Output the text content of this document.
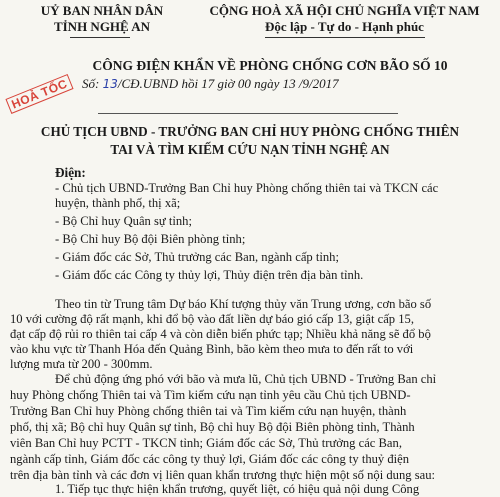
UỶ BAN NHÂN DÂN
TỈNH NGHỆ AN
CỘNG HOÀ XÃ HỘI CHỦ NGHĨA VIỆT NAM
Độc lập - Tự do - Hạnh phúc
HOẢ TỐC
CÔNG ĐIỆN KHẨN VỀ PHÒNG CHỐNG CƠN BÃO SỐ 10
Số: 13/CĐ.UBND hồi 17 giờ 00 ngày 13 /9/2017
CHỦ TỊCH UBND - TRƯỞNG BAN CHỈ HUY PHÒNG CHỐNG THIÊN
TAI VÀ TÌM KIẾM CỨU NẠN TỈNH NGHỆ AN
Điện:
- Chủ tịch UBND-Trưởng Ban Chỉ huy Phòng chống thiên tai và TKCN các
huyện, thành phố, thị xã;
- Bộ Chỉ huy Quân sự tỉnh;
- Bộ Chỉ huy Bộ đội Biên phòng tỉnh;
- Giám đốc các Sở, Thủ trưởng các Ban, ngành cấp tỉnh;
- Giám đốc các Công ty thủy lợi, Thủy điện trên địa bàn tỉnh.
Theo tin từ Trung tâm Dự báo Khí tượng thủy văn Trung ương, cơn bão số
10 với cường độ rất mạnh, khi đổ bộ vào đất liền dự báo gió cấp 13, giật cấp 15,
đạt cấp độ rủi ro thiên tai cấp 4 và còn diễn biến phức tạp; Nhiều khả năng sẽ đổ bộ
vào khu vực từ Thanh Hóa đến Quảng Bình, bão kèm theo mưa to đến rất to với
lượng mưa từ 200 - 300mm.
Để chủ động ứng phó với bão và mưa lũ, Chủ tịch UBND - Trưởng Ban chỉ
huy Phòng chống Thiên tai và Tìm kiếm cứu nạn tỉnh yêu cầu Chủ tịch UBND-
Trưởng Ban Chỉ huy Phòng chống thiên tai và Tìm kiếm cứu nạn huyện, thành
phố, thị xã; Bộ chỉ huy Quân sự tỉnh, Bộ chỉ huy Bộ đội Biên phòng tỉnh, Thành
viên Ban Chỉ huy PCTT - TKCN tỉnh; Giám đốc các Sở, Thủ trưởng các Ban,
ngành cấp tỉnh, Giám đốc các công ty thuỷ lợi, Giám đốc các công ty thuỷ điện
trên địa bàn tỉnh và các đơn vị liên quan khẩn trương thực hiện một số nội dung sau:
1. Tiếp tục thực hiện khẩn trương, quyết liệt, có hiệu quả nội dung Công
